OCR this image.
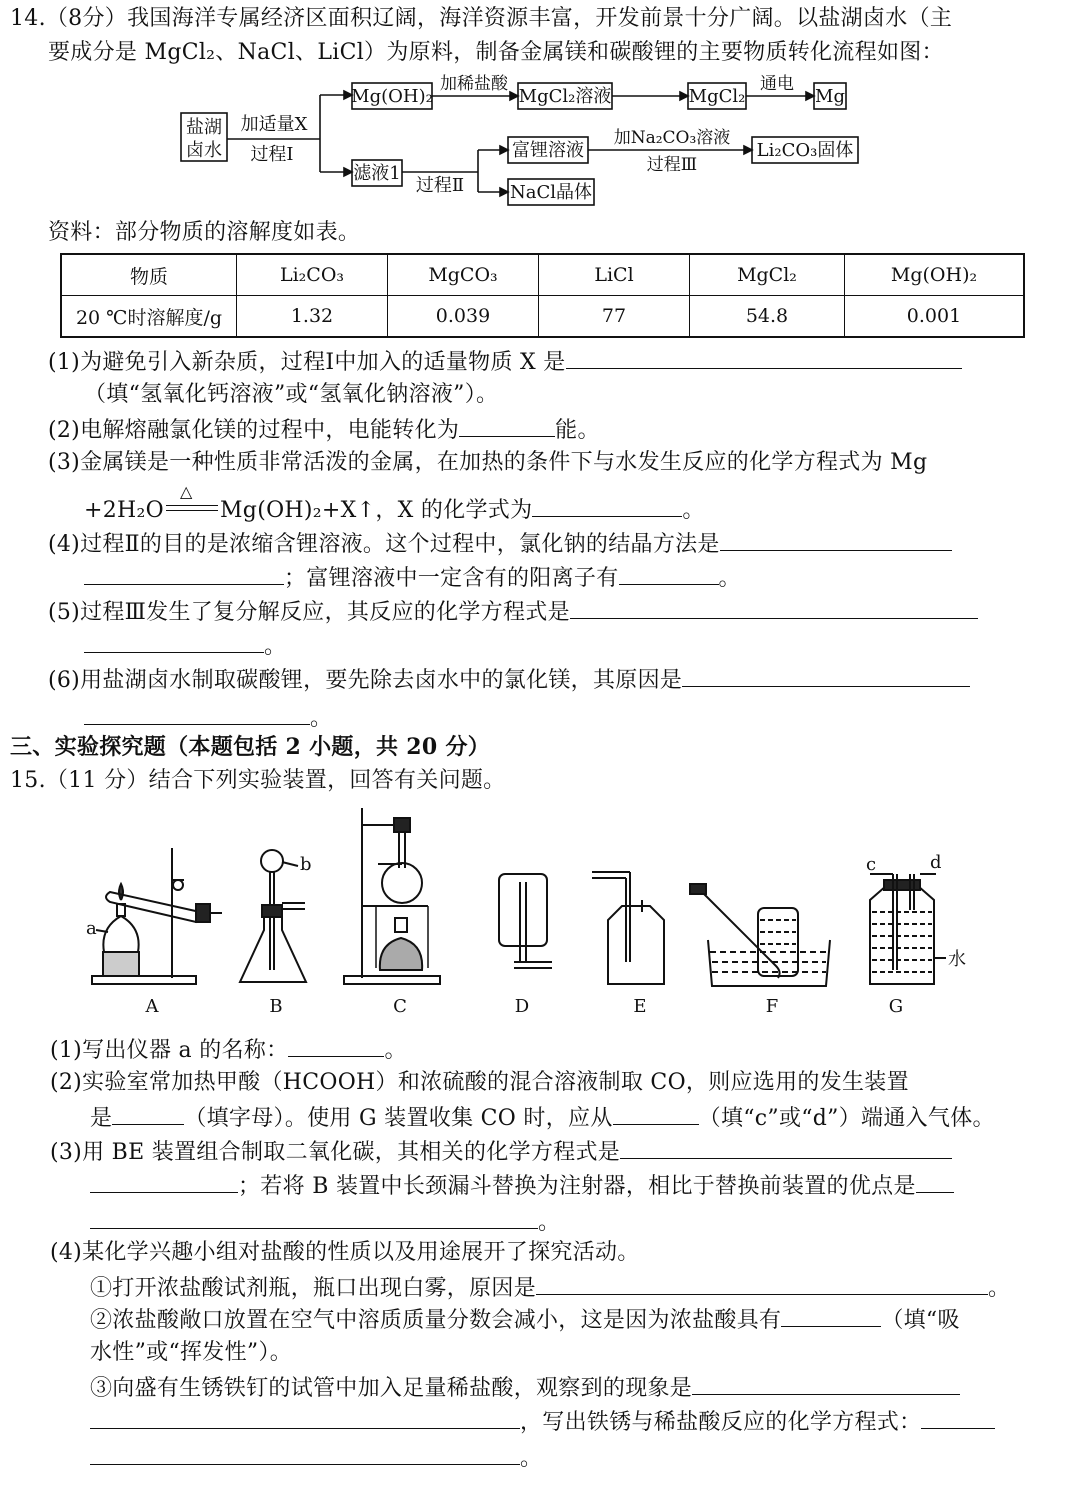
14.（8分）我国海洋专属经济区面积辽阔，海洋资源丰富，开发前景十分广阔。以盐湖卤水（主
要成分是 MgCl₂、NaCl、LiCl）为原料，制备金属镁和碳酸锂的主要物质转化流程如图：
盐湖
卤水
加适量X
过程Ⅰ
Mg(OH)₂
加稀盐酸
MgCl₂溶液	MgCl₂
通电
Mg
滤液1
过程Ⅱ
富锂溶液
加Na₂CO₃溶液
过程Ⅲ
Li₂CO₃固体
NaCl晶体
资料：部分物质的溶解度如表。
物质	Li₂CO₃	MgCO₃	LiCl	MgCl₂	Mg(OH)₂
20 ℃时溶解度/g	1.32	0.039	77	54.8	0.001
(1)为避免引入新杂质，过程Ⅰ中加入的适量物质 X 是
（填“氢氧化钙溶液”或“氢氧化钠溶液”）。
(2)电解熔融氯化镁的过程中，电能转化为	能。
(3)金属镁是一种性质非常活泼的金属，在加热的条件下与水发生反应的化学方程式为 Mg
+2H₂O
△
Mg(OH)₂+X↑，X 的化学式为	。
(4)过程Ⅱ的目的是浓缩含锂溶液。这个过程中，氯化钠的结晶方法是
；富锂溶液中一定含有的阳离子有	。
(5)过程Ⅲ发生了复分解反应，其反应的化学方程式是
。
(6)用盐湖卤水制取碳酸锂，要先除去卤水中的氯化镁，其原因是
。
三、实验探究题（本题包括 2 小题，共 20 分）
15.（11 分）结合下列实验装置，回答有关问题。
a
b	c	d
水
A	B	C	D	E	F	G
(1)写出仪器 a 的名称：	。
(2)实验室常加热甲酸（HCOOH）和浓硫酸的混合溶液制取 CO，则应选用的发生装置
是	（填字母）。使用 G 装置收集 CO 时，应从	（填“c”或“d”）端通入气体。
(3)用 BE 装置组合制取二氧化碳，其相关的化学方程式是
；若将 B 装置中长颈漏斗替换为注射器，相比于替换前装置的优点是
。
(4)某化学兴趣小组对盐酸的性质以及用途展开了探究活动。
①打开浓盐酸试剂瓶，瓶口出现白雾，原因是	。
②浓盐酸敞口放置在空气中溶质质量分数会减小，这是因为浓盐酸具有	（填“吸
水性”或“挥发性”）。
③向盛有生锈铁钉的试管中加入足量稀盐酸，观察到的现象是
，写出铁锈与稀盐酸反应的化学方程式：
。
